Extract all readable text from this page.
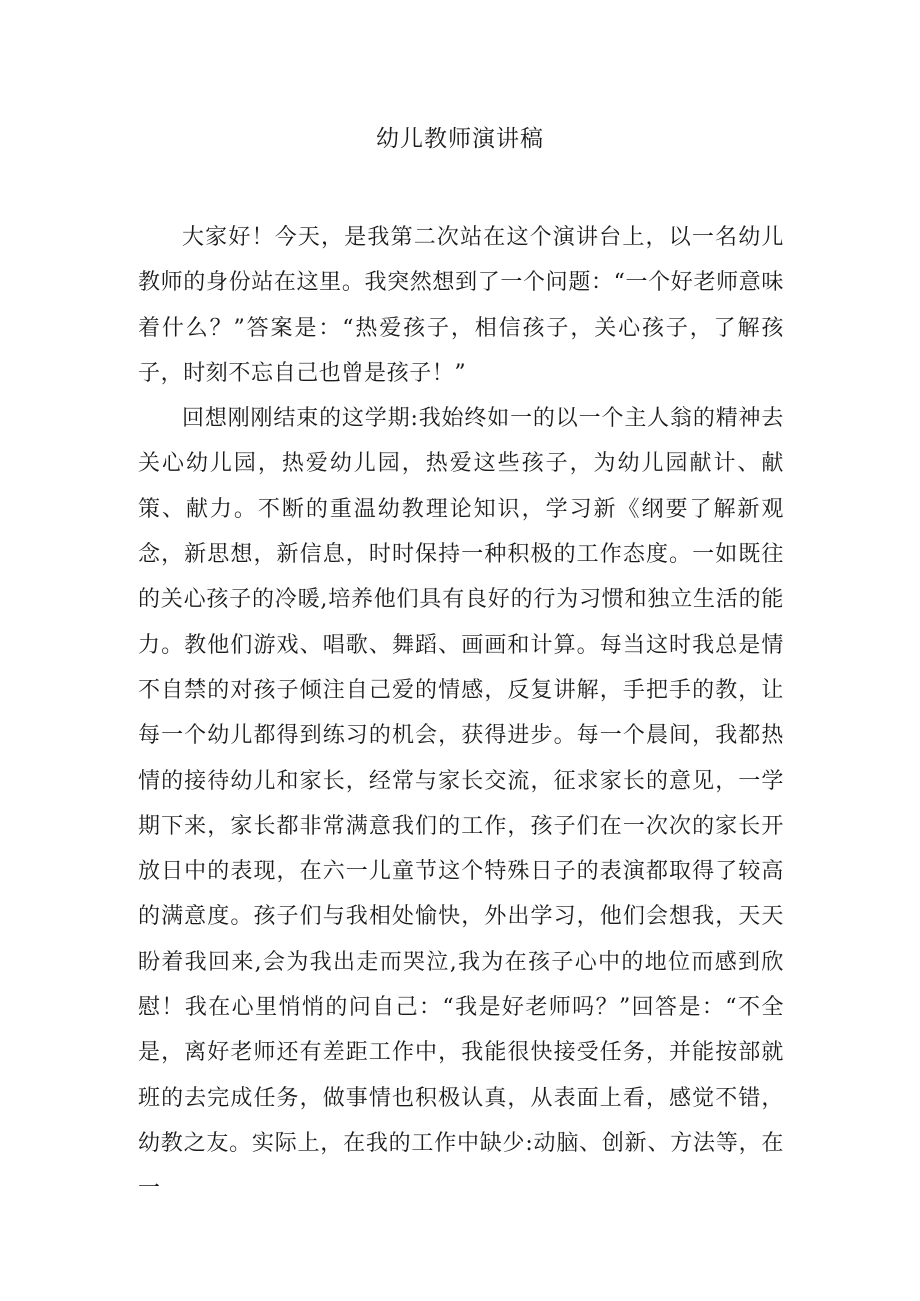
幼儿教师演讲稿

大家好！今天，是我第二次站在这个演讲台上，以一名幼儿教师的身份站在这里。我突然想到了一个问题：“一个好老师意味着什么？”答案是：“热爱孩子，相信孩子，关心孩子，了解孩子，时刻不忘自己也曾是孩子！”

回想刚刚结束的这学期:我始终如一的以一个主人翁的精神去关心幼儿园，热爱幼儿园，热爱这些孩子，为幼儿园献计、献策、献力。不断的重温幼教理论知识，学习新《纲要了解新观念，新思想，新信息，时时保持一种积极的工作态度。一如既往的关心孩子的冷暖,培养他们具有良好的行为习惯和独立生活的能力。教他们游戏、唱歌、舞蹈、画画和计算。每当这时我总是情不自禁的对孩子倾注自己爱的情感，反复讲解，手把手的教，让每一个幼儿都得到练习的机会，获得进步。每一个晨间，我都热情的接待幼儿和家长，经常与家长交流，征求家长的意见，一学期下来，家长都非常满意我们的工作，孩子们在一次次的家长开放日中的表现，在六一儿童节这个特殊日子的表演都取得了较高的满意度。孩子们与我相处愉快，外出学习，他们会想我，天天盼着我回来,会为我出走而哭泣,我为在孩子心中的地位而感到欣慰！我在心里悄悄的问自己：“我是好老师吗？”回答是：“不全是，离好老师还有差距工作中，我能很快接受任务，并能按部就班的去完成任务，做事情也积极认真，从表面上看，感觉不错，幼教之友。实际上，在我的工作中缺少:动脑、创新、方法等，在一
